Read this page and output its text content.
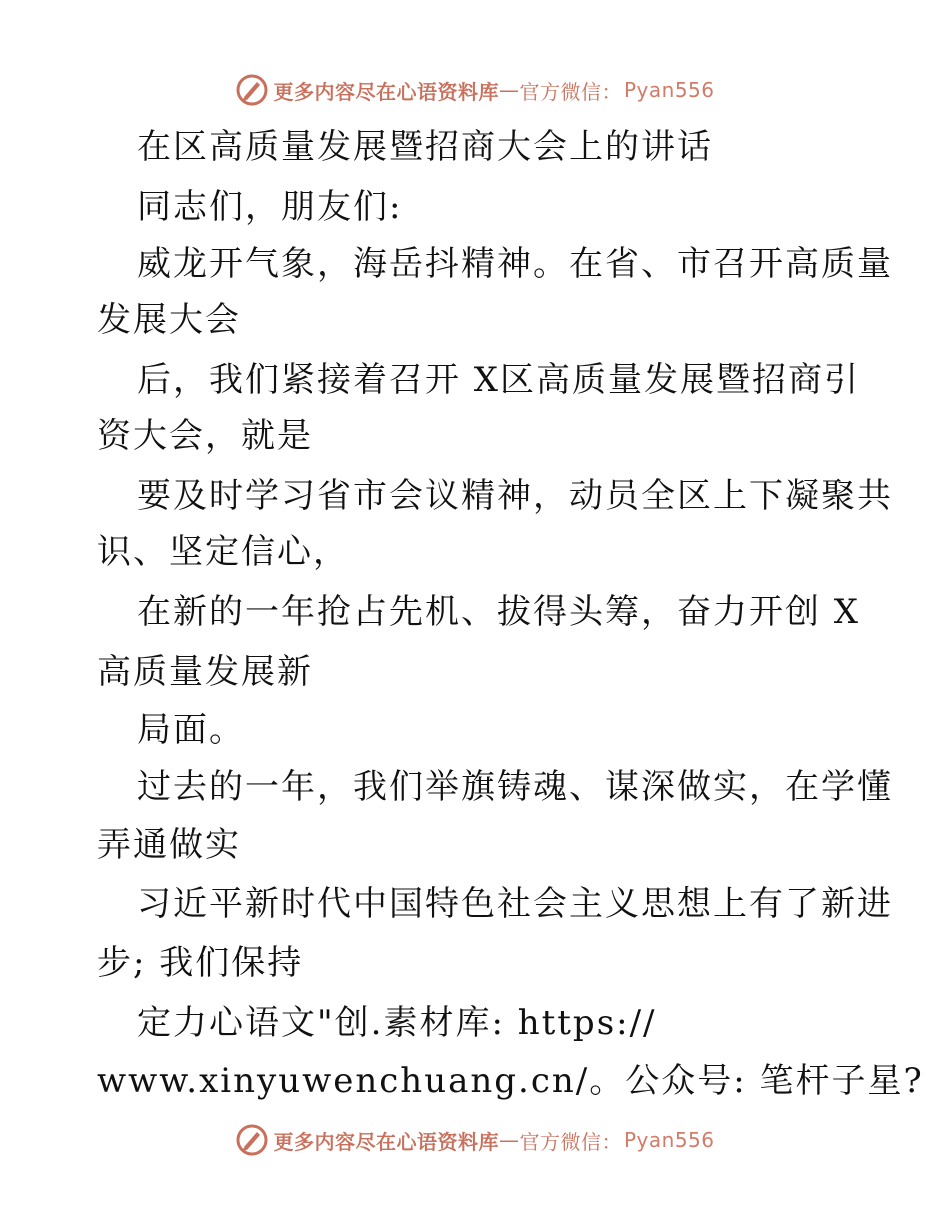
更多内容尽在心语资料库 — 官方微信： Pyan556
在区高质量发展暨招商大会上的讲话
同志们，朋友们:
威龙开气象，海岳抖精神。在省、市召开高质量
发展大会
后，我们紧接着召开 X区高质量发展暨招商引
资大会，就是
要及时学习省市会议精神，动员全区上下凝聚共
识、坚定信心，
在新的一年抢占先机、拔得头筹，奋力开创 X
高质量发展新
局面。
过去的一年，我们举旗铸魂、谋深做实，在学懂
弄通做实
习近平新时代中国特色社会主义思想上有了新进
步; 我们保持
定力心语文"创.素材库: https://
www.xinyuwenchuang.cn/。公众号: 笔杆子星?
更多内容尽在心语资料库 — 官方微信： Pyan556
